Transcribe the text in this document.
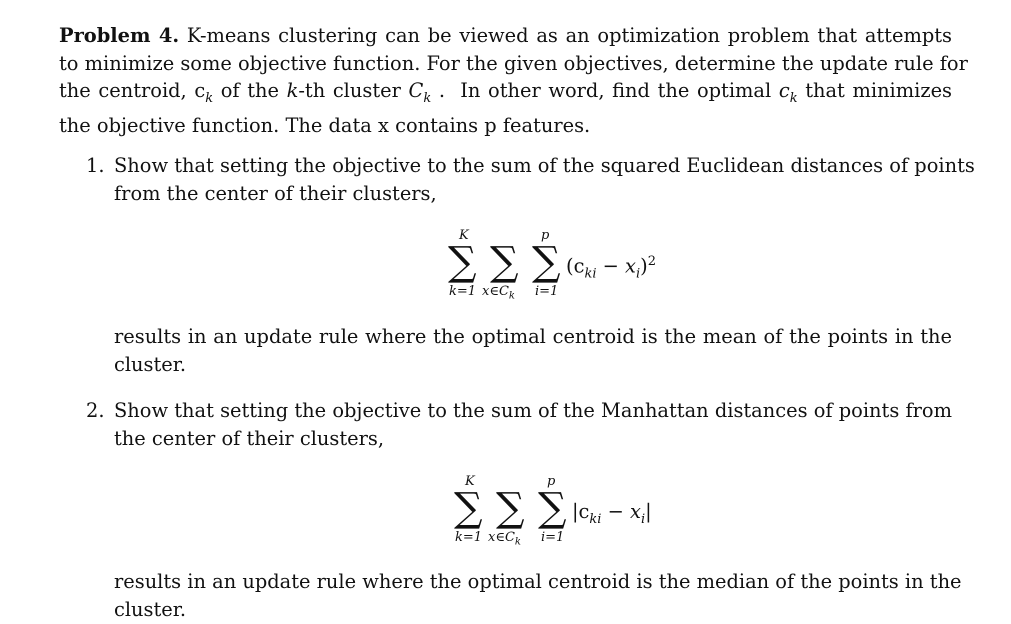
Problem 4. K-means clustering can be viewed as an optimization problem that attempts
to minimize some objective function. For the given objectives, determine the update rule for
the centroid, $c_k$ of the k-th cluster $C_k$ .  In other word, find the optimal $c_k$ that minimizes
the objective function. The data x contains p features.
1. Show that setting the objective to the sum of the squared Euclidean distances of points
from the center of their clusters,
K	p
∑ ∑ ∑
k=1 $x\in C_k$ i=1
$(c_{ki} - x_i)^2$
results in an update rule where the optimal centroid is the mean of the points in the
cluster.
2. Show that setting the objective to the sum of the Manhattan distances of points from
the center of their clusters,
K	p
∑ ∑ ∑
k=1 $x\in C_k$ i=1
$|c_{ki} - x_i|$
results in an update rule where the optimal centroid is the median of the points in the
cluster.
